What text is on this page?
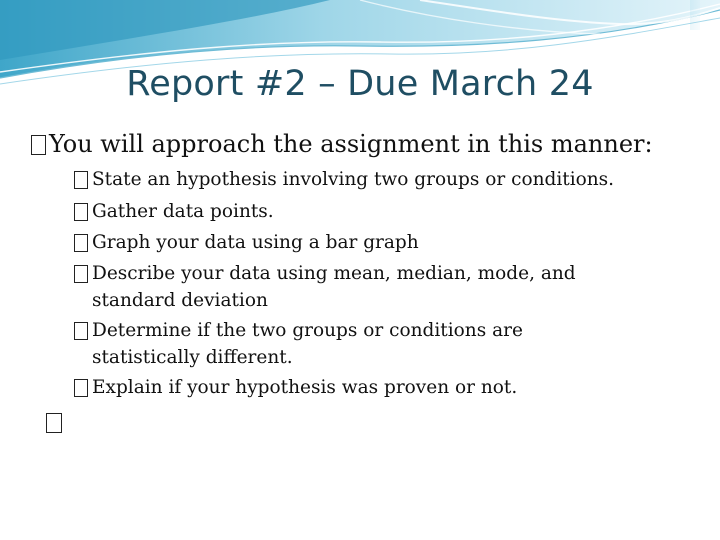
Report #2 – Due March 24
You will approach the assignment in this manner:
State an hypothesis involving two groups or conditions.
Gather data points.
Graph your data using a bar graph
Describe your data using mean, median, mode, and
standard deviation
Determine if the two groups or conditions are
statistically different.
Explain if your hypothesis was proven or not.
